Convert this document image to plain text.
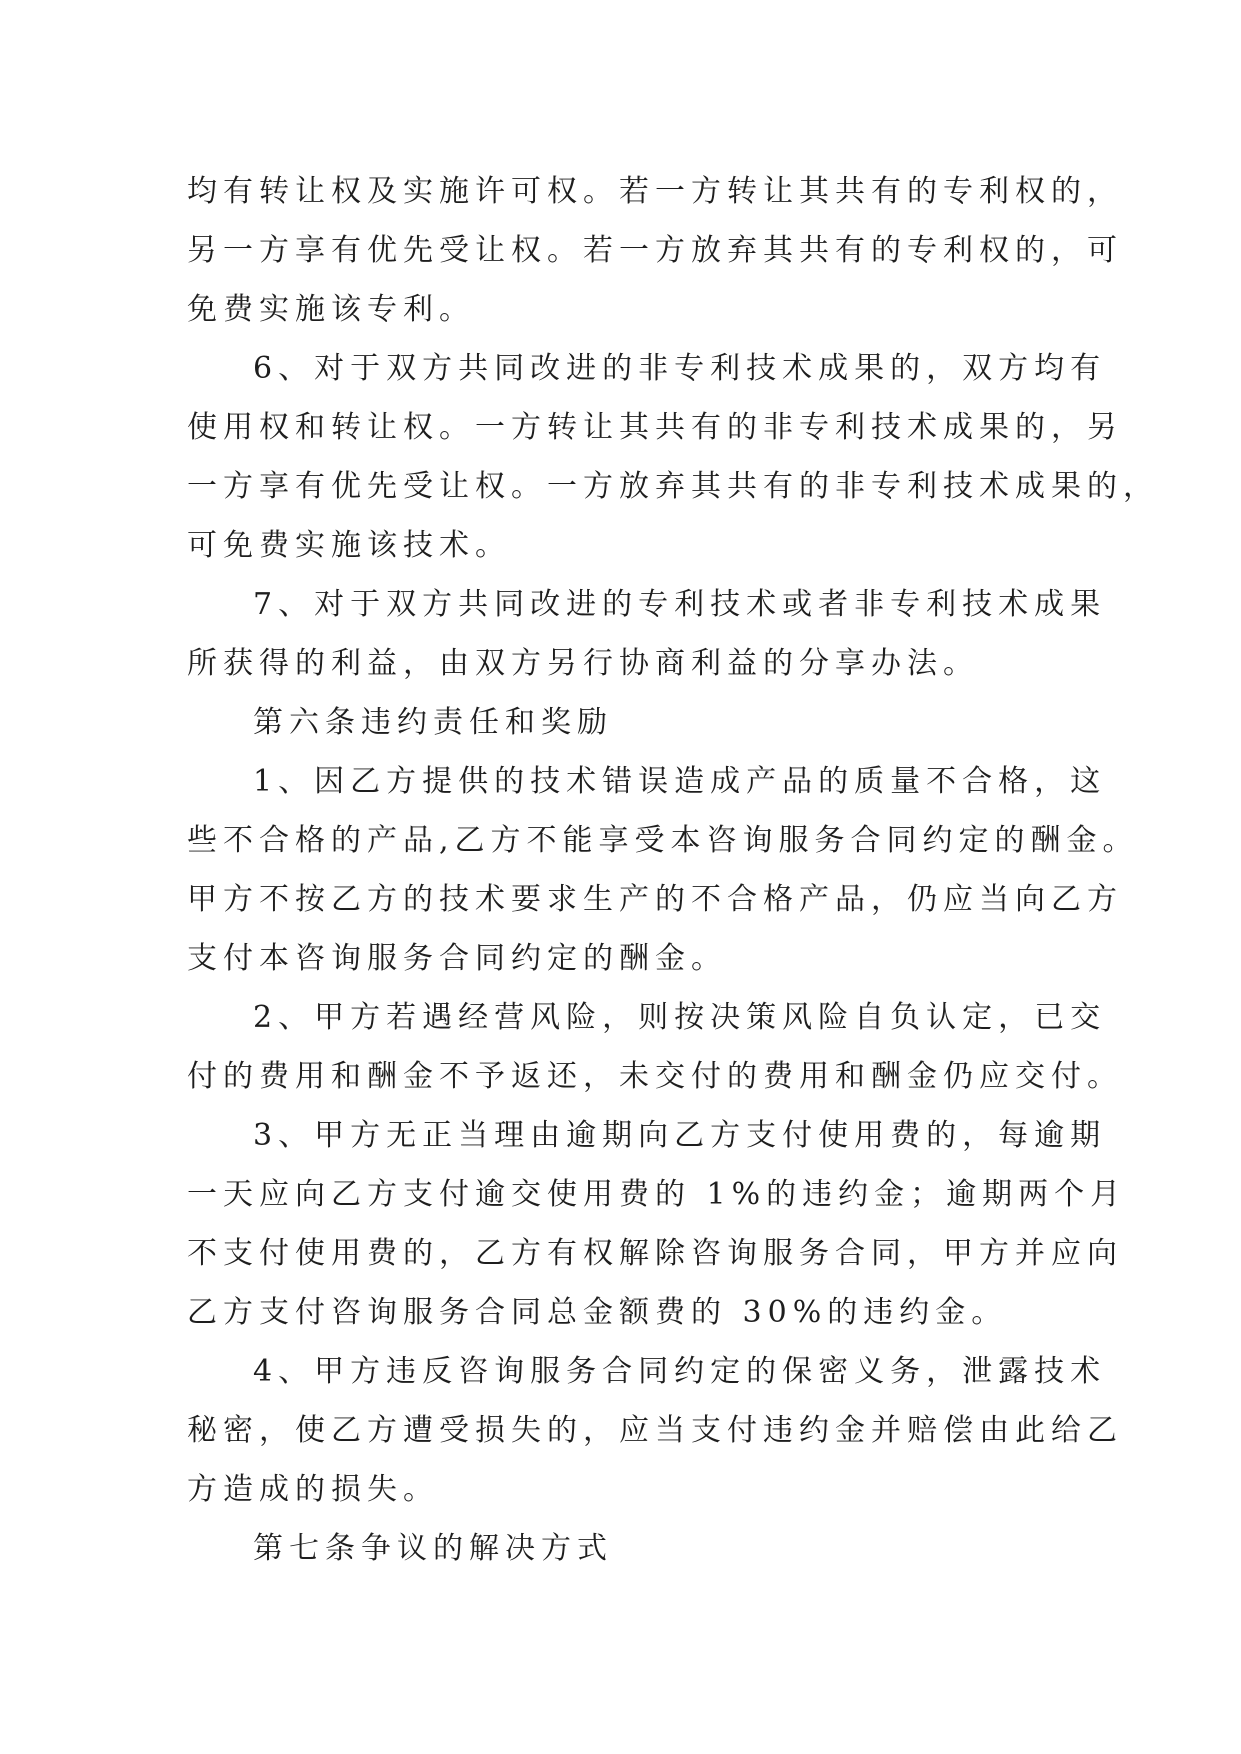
均有转让权及实施许可权。若一方转让其共有的专利权的，
另一方享有优先受让权。若一方放弃其共有的专利权的，可
免费实施该专利。
6、对于双方共同改进的非专利技术成果的，双方均有
使用权和转让权。一方转让其共有的非专利技术成果的，另
一方享有优先受让权。一方放弃其共有的非专利技术成果的，
可免费实施该技术。
7、对于双方共同改进的专利技术或者非专利技术成果
所获得的利益，由双方另行协商利益的分享办法。
第六条违约责任和奖励
1、因乙方提供的技术错误造成产品的质量不合格，这
些不合格的产品,乙方不能享受本咨询服务合同约定的酬金。
甲方不按乙方的技术要求生产的不合格产品，仍应当向乙方
支付本咨询服务合同约定的酬金。
2、甲方若遇经营风险，则按决策风险自负认定，已交
付的费用和酬金不予返还，未交付的费用和酬金仍应交付。
3、甲方无正当理由逾期向乙方支付使用费的，每逾期
一天应向乙方支付逾交使用费的 1%的违约金；逾期两个月
不支付使用费的，乙方有权解除咨询服务合同，甲方并应向
乙方支付咨询服务合同总金额费的 30%的违约金。
4、甲方违反咨询服务合同约定的保密义务，泄露技术
秘密，使乙方遭受损失的，应当支付违约金并赔偿由此给乙
方造成的损失。
第七条争议的解决方式
